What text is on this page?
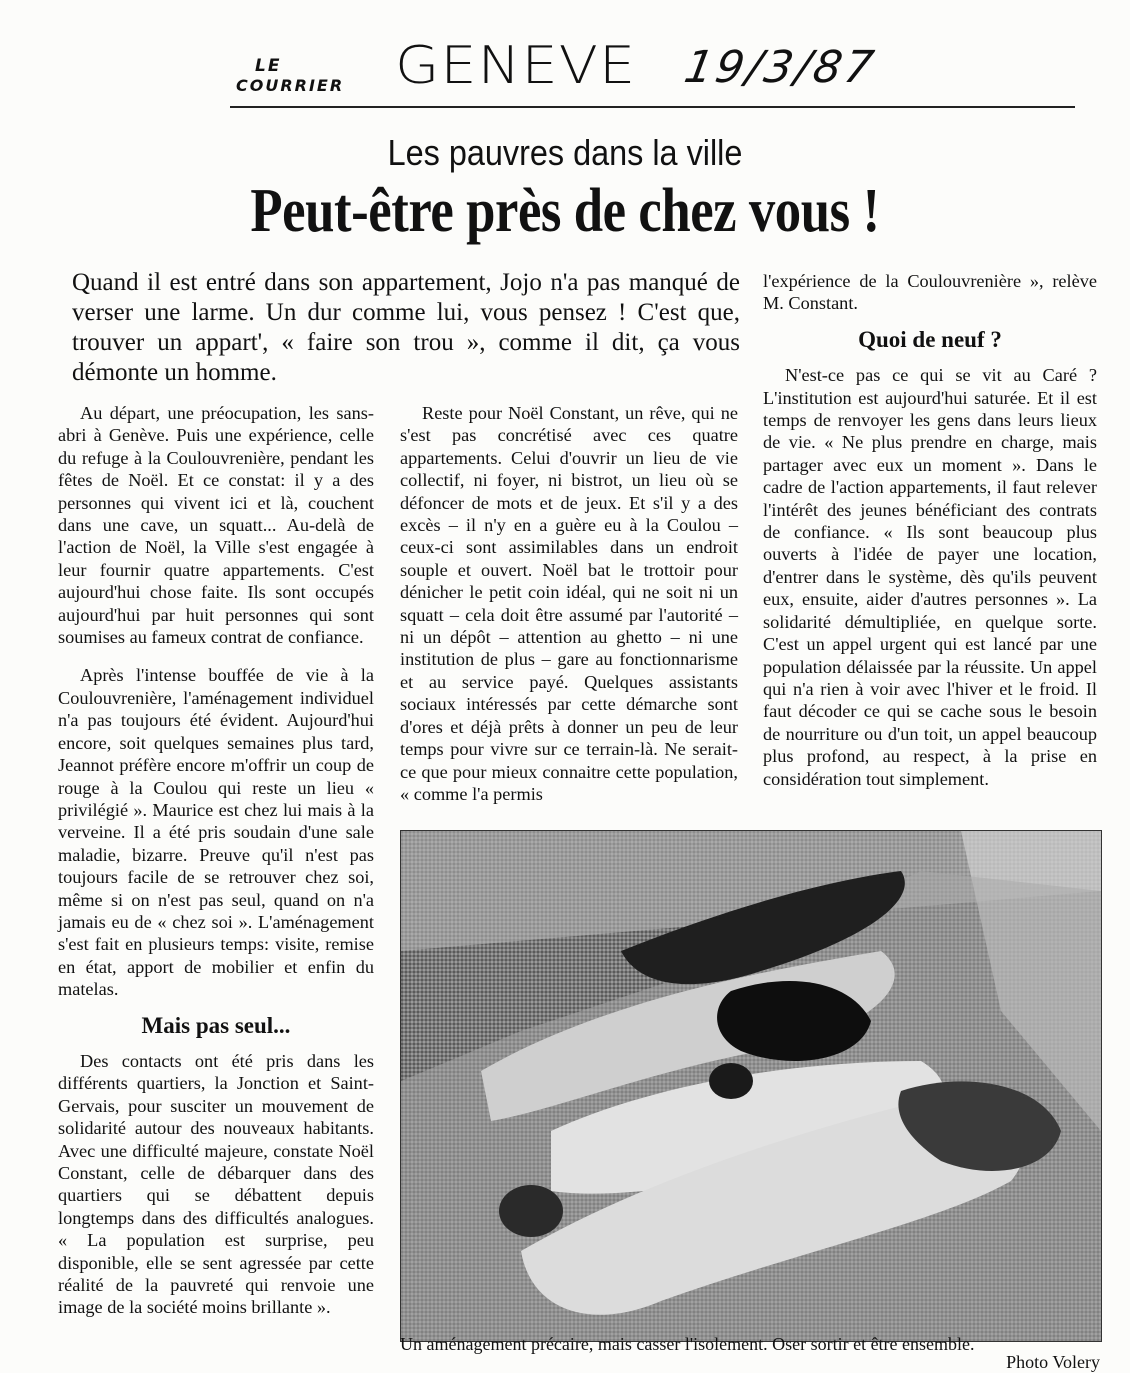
LE
COURRIER GENEVE 19/3/87
Les pauvres dans la ville
Peut-être près de chez vous !
Quand il est entré dans son appartement, Jojo n'a pas manqué de verser une larme. Un dur comme lui, vous pensez ! C'est que, trouver un appart', « faire son trou », comme il dit, ça vous démonte un homme.

Au départ, une préocupation, les sans-abri à Genève. Puis une expérience, celle du refuge à la Coulouvrenière, pendant les fêtes de Noël. Et ce constat: il y a des personnes qui vivent ici et là, couchent dans une cave, un squatt... Au-delà de l'action de Noël, la Ville s'est engagée à leur fournir quatre appartements. C'est aujourd'hui chose faite. Ils sont occupés aujourd'hui par huit personnes qui sont soumises au fameux contrat de confiance.

Après l'intense bouffée de vie à la Coulouvrenière, l'aménagement individuel n'a pas toujours été évident. Aujourd'hui encore, soit quelques semaines plus tard, Jeannot préfère encore m'offrir un coup de rouge à la Coulou qui reste un lieu « privilégié ». Maurice est chez lui mais à la verveine. Il a été pris soudain d'une sale maladie, bizarre. Preuve qu'il n'est pas toujours facile de se retrouver chez soi, même si on n'est pas seul, quand on n'a jamais eu de « chez soi ». L'aménagement s'est fait en plusieurs temps: visite, remise en état, apport de mobilier et enfin du matelas.

Mais pas seul...

Des contacts ont été pris dans les différents quartiers, la Jonction et Saint-Gervais, pour susciter un mouvement de solidarité autour des nouveaux habitants. Avec une difficulté majeure, constate Noël Constant, celle de débarquer dans des quartiers qui se débattent depuis longtemps dans des difficultés analogues. « La population est surprise, peu disponible, elle se sent agressée par cette réalité de la pauvreté qui renvoie une image de la société moins brillante ».

Reste pour Noël Constant, un rêve, qui ne s'est pas concrétisé avec ces quatre appartements. Celui d'ouvrir un lieu de vie collectif, ni foyer, ni bistrot, un lieu où se défoncer de mots et de jeux. Et s'il y a des excès – il n'y en a guère eu à la Coulou – ceux-ci sont assimilables dans un endroit souple et ouvert. Noël bat le trottoir pour dénicher le petit coin idéal, qui ne soit ni un squatt – cela doit être assumé par l'autorité – ni un dépôt – attention au ghetto – ni une institution de plus – gare au fonctionnarisme et au service payé. Quelques assistants sociaux intéressés par cette démarche sont d'ores et déjà prêts à donner un peu de leur temps pour vivre sur ce terrain-là. Ne serait-ce que pour mieux connaitre cette population, « comme l'a permis

l'expérience de la Coulouvrenière », relève M. Constant.

Quoi de neuf ?

N'est-ce pas ce qui se vit au Caré ? L'institution est aujourd'hui saturée. Et il est temps de renvoyer les gens dans leurs lieux de vie. « Ne plus prendre en charge, mais partager avec eux un moment ». Dans le cadre de l'action appartements, il faut relever l'intérêt des jeunes bénéficiant des contrats de confiance. « Ils sont beaucoup plus ouverts à l'idée de payer une location, d'entrer dans le système, dès qu'ils peuvent eux, ensuite, aider d'autres personnes ». La solidarité démultipliée, en quelque sorte. C'est un appel urgent qui est lancé par une population délaissée par la réussite. Un appel qui n'a rien à voir avec l'hiver et le froid. Il faut décoder ce qui se cache sous le besoin de nourriture ou d'un toit, un appel beaucoup plus profond, au respect, à la prise en considération tout simplement.

Un aménagement précaire, mais casser l'isolement. Oser sortir et être ensemble.
Photo Volery
